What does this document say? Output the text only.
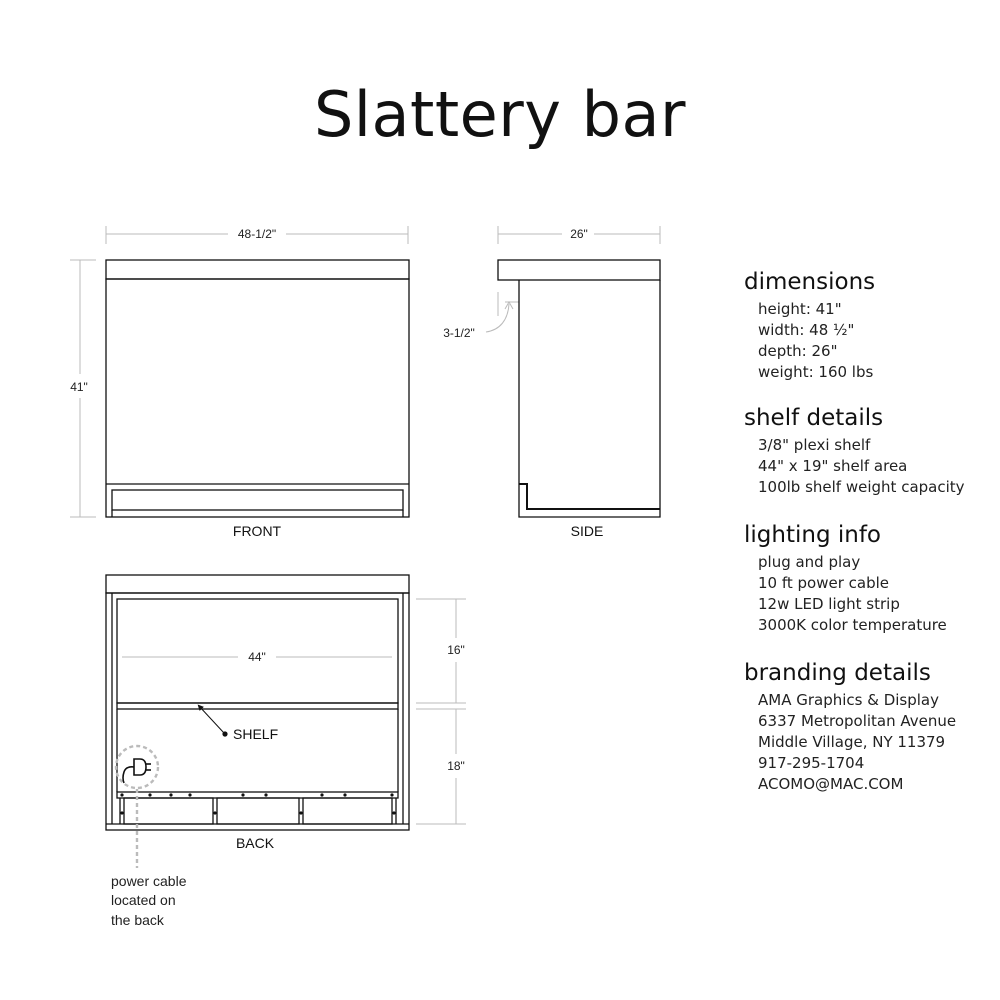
Slattery bar
48-1/2"
41"
FRONT
26"
3-1/2"
SIDE
44"	16"
18"
SHELF
power cable located on the back
BACK
dimensions
height: 41"
width: 48 ½"
depth: 26"
weight: 160 lbs
shelf details
3/8" plexi shelf
44" x 19" shelf area
100lb shelf weight capacity
lighting info
plug and play
10 ft power cable
12w LED light strip
3000K color temperature
branding details
AMA Graphics & Display
6337 Metropolitan Avenue
Middle Village, NY 11379
917-295-1704
ACOMO@MAC.COM
